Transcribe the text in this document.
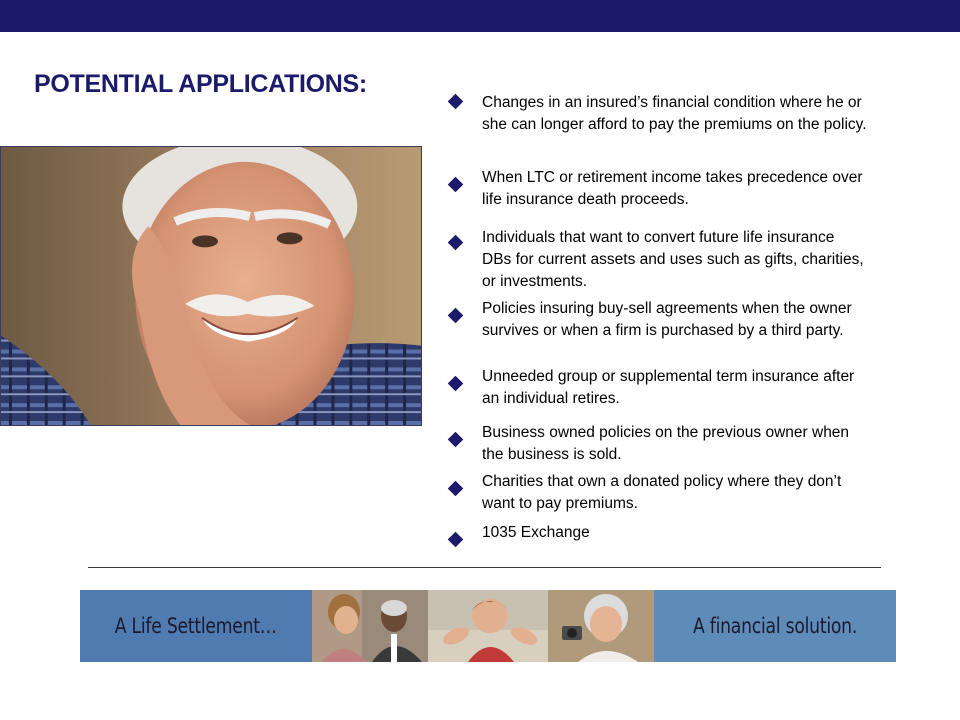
POTENTIAL APPLICATIONS:
Changes in an insured’s financial condition where he or she can longer afford to pay the premiums on the policy.
When LTC or retirement income takes precedence over life insurance death proceeds.
Individuals that want to convert future life insurance DBs for current assets and uses such as gifts, charities, or investments.
Policies insuring buy-sell agreements when the owner survives or when a firm is purchased by a third party.
Unneeded group or supplemental term insurance after an individual retires.
Business owned policies on the previous owner when the business is sold.
Charities that own a donated policy where they don’t want to pay premiums.
1035 Exchange
A Life Settlement…	A financial solution.
